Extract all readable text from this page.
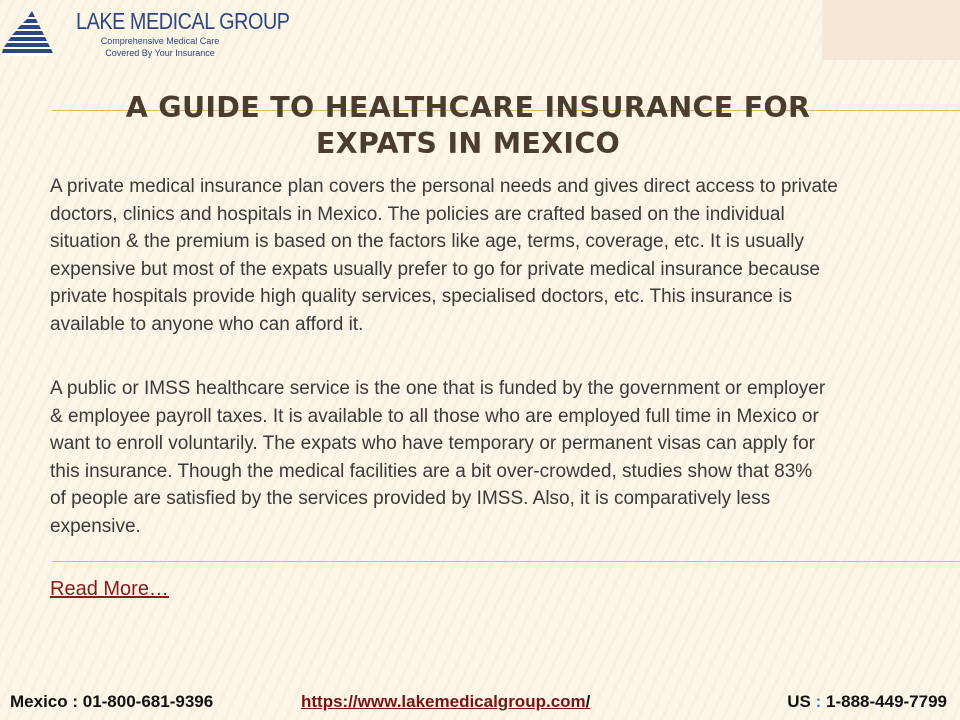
LAKE MEDICAL GROUP
Comprehensive Medical Care
Covered By Your Insurance
A GUIDE TO HEALTHCARE INSURANCE FOR
EXPATS IN MEXICO
A private medical insurance plan covers the personal needs and gives direct access to private
doctors, clinics and hospitals in Mexico. The policies are crafted based on the individual
situation & the premium is based on the factors like age, terms, coverage, etc. It is usually
expensive but most of the expats usually prefer to go for private medical insurance because
private hospitals provide high quality services, specialised doctors, etc. This insurance is
available to anyone who can afford it.
A public or IMSS healthcare service is the one that is funded by the government or employer
& employee payroll taxes. It is available to all those who are employed full time in Mexico or
want to enroll voluntarily. The expats who have temporary or permanent visas can apply for
this insurance. Though the medical facilities are a bit over-crowded, studies show that 83%
of people are satisfied by the services provided by IMSS. Also, it is comparatively less
expensive.
Read More…
Mexico : 01-800-681-9396	https://www.lakemedicalgroup.com/	US : 1-888-449-7799
